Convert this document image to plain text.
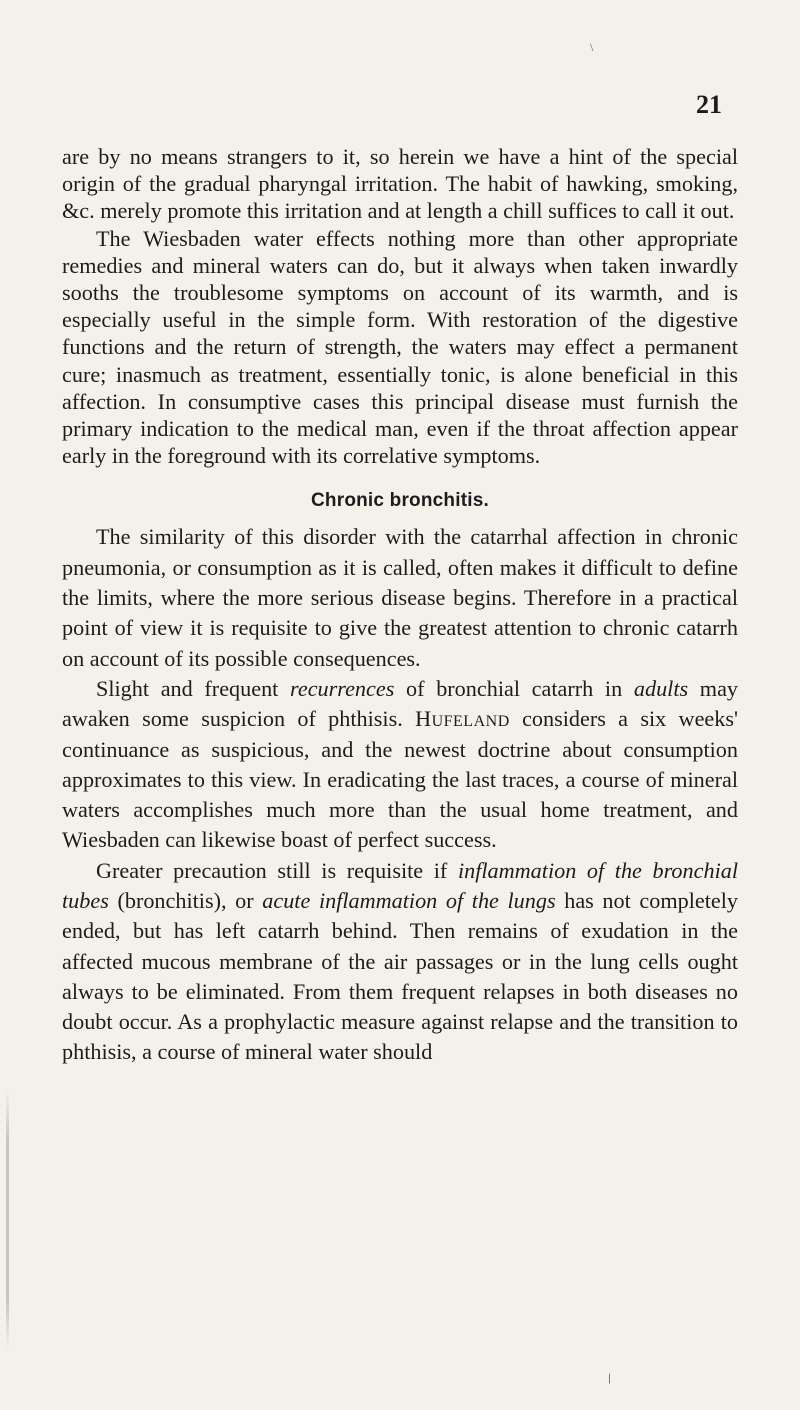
\
21

are by no means strangers to it, so herein we have a hint of the special origin of the gradual pharyngal irritation. The habit of hawking, smoking, &c. merely promote this irritation and at length a chill suffices to call it out.

The Wiesbaden water effects nothing more than other appropriate remedies and mineral waters can do, but it always when taken inwardly sooths the troublesome symptoms on account of its warmth, and is especially useful in the simple form. With restoration of the digestive functions and the return of strength, the waters may effect a permanent cure; inasmuch as treatment, essentially tonic, is alone beneficial in this affection. In consumptive cases this principal disease must furnish the primary indication to the medical man, even if the throat affection appear early in the foreground with its correlative symptoms.

Chronic bronchitis.

The similarity of this disorder with the catarrhal affection in chronic pneumonia, or consumption as it is called, often makes it difficult to define the limits, where the more serious disease begins. Therefore in a practical point of view it is requisite to give the greatest attention to chronic catarrh on account of its possible consequences.

Slight and frequent recurrences of bronchial catarrh in adults may awaken some suspicion of phthisis. Hufeland considers a six weeks' continuance as suspicious, and the newest doctrine about consumption approximates to this view. In eradicating the last traces, a course of mineral waters accomplishes much more than the usual home treatment, and Wiesbaden can likewise boast of perfect success.

Greater precaution still is requisite if inflammation of the bronchial tubes (bronchitis), or acute inflammation of the lungs has not completely ended, but has left catarrh behind. Then remains of exudation in the affected mucous membrane of the air passages or in the lung cells ought always to be eliminated. From them frequent relapses in both diseases no doubt occur. As a prophylactic measure against relapse and the transition to phthisis, a course of mineral water should

/
